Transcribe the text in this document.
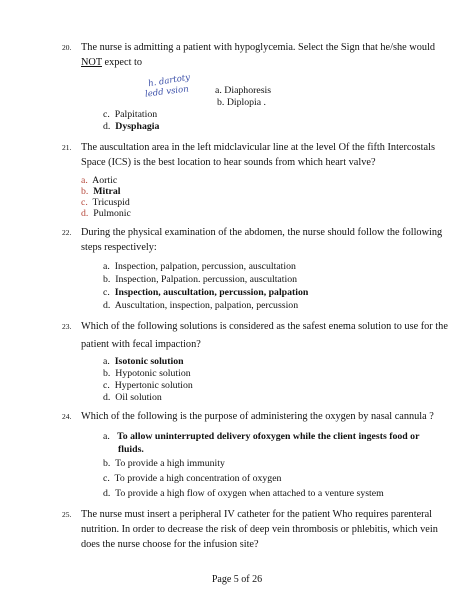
20. The nurse is admitting a patient with hypoglycemia. Select the Sign that he/she would
NOT expect to
h. dartoty
ledd vsion	a. Diaphoresis
b. Diplopia .
c. Palpitation
d. Dysphagia
21. The auscultation area in the left midclavicular line at the level Of the fifth Intercostals
Space (ICS) is the best location to hear sounds from which heart valve?
a. Aortic
b. Mitral
c. Tricuspid
d. Pulmonic
22. During the physical examination of the abdomen, the nurse should follow the following
steps respectively:
a. Inspection, palpation, percussion, auscultation
b. Inspection, Palpation. percussion, auscultation
c. Inspection, auscultation, percussion, palpation
d. Auscultation, inspection, palpation, percussion
23. Which of the following solutions is considered as the safest enema solution to use for the
patient with fecal impaction?
a. Isotonic solution
b. Hypotonic solution
c. Hypertonic solution
d. Oil solution
24. Which of the following is the purpose of administering the oxygen by nasal cannula ?
a. To allow uninterrupted delivery ofoxygen while the client ingests food or
fluids.
b. To provide a high immunity
c. To provide a high concentration of oxygen
d. To provide a high flow of oxygen when attached to a venture system
25. The nurse must insert a peripheral IV catheter for the patient Who requires parenteral
nutrition. In order to decrease the risk of deep vein thrombosis or phlebitis, which vein
does the nurse choose for the infusion site?
Page 5 of 26
